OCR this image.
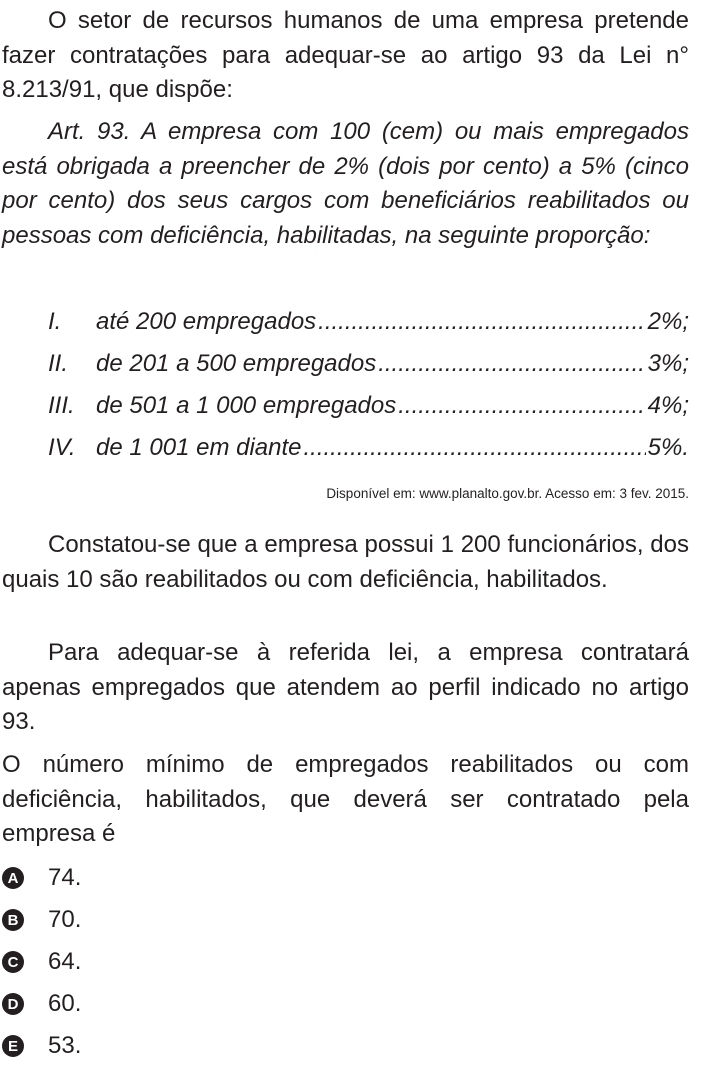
O setor de recursos humanos de uma empresa pretende fazer contratações para adequar-se ao artigo 93 da Lei n° 8.213/91, que dispõe:

Art. 93. A empresa com 100 (cem) ou mais empregados está obrigada a preencher de 2% (dois por cento) a 5% (cinco por cento) dos seus cargos com beneficiários reabilitados ou pessoas com deficiência, habilitadas, na seguinte proporção:

I.	até 200 empregados .....	2%;
II.	de 201 a 500 empregados .....	3%;
III. de 501 a 1 000 empregados .....	4%;
IV. de 1 001 em diante .....	5%.
Disponível em: www.planalto.gov.br. Acesso em: 3 fev. 2015.

Constatou-se que a empresa possui 1 200 funcionários, dos quais 10 são reabilitados ou com deficiência, habilitados.

Para adequar-se à referida lei, a empresa contratará apenas empregados que atendem ao perfil indicado no artigo 93.

O número mínimo de empregados reabilitados ou com deficiência, habilitados, que deverá ser contratado pela empresa é

A 74.
B 70.
C 64.
D 60.
E 53.
